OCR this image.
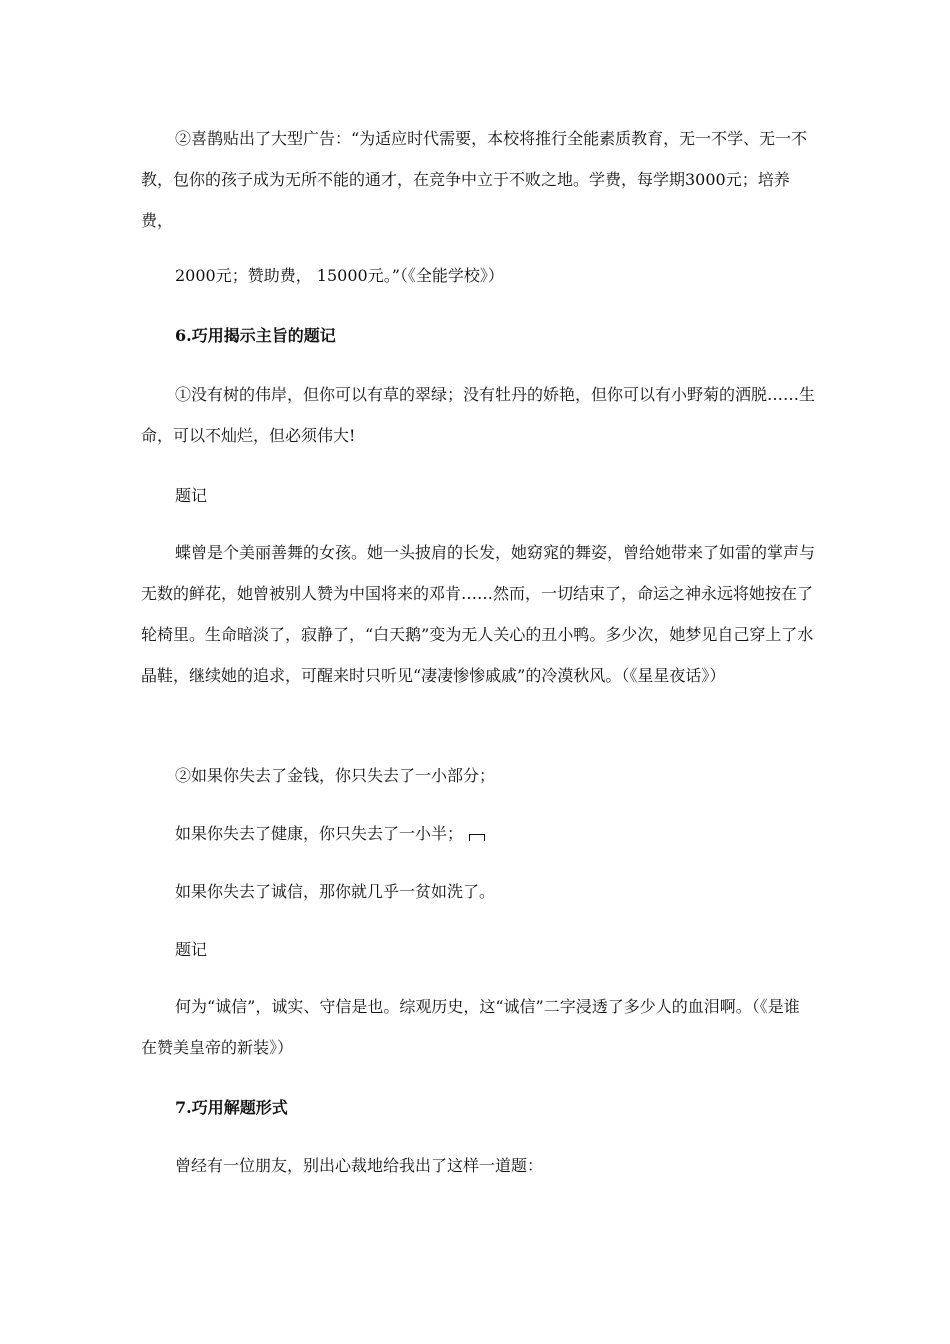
②喜鹊贴出了大型广告：“为适应时代需要，本校将推行全能素质教育，无一不学、无一不教，包你的孩子成为无所不能的通才，在竞争中立于不败之地。学费，每学期3000元；培养费，

2000元；赞助费， 15000元。”（《全能学校》）

6.巧用揭示主旨的题记

①没有树的伟岸，但你可以有草的翠绿；没有牡丹的娇艳，但你可以有小野菊的洒脱……生命，可以不灿烂，但必须伟大!

题记

蝶曾是个美丽善舞的女孩。她一头披肩的长发，她窈窕的舞姿，曾给她带来了如雷的掌声与无数的鲜花，她曾被别人赞为中国将来的邓肯……然而，一切结束了，命运之神永远将她按在了轮椅里。生命暗淡了，寂静了，“白天鹅”变为无人关心的丑小鸭。多少次，她梦见自己穿上了水晶鞋，继续她的追求，可醒来时只听见“凄凄惨惨戚戚”的冷漠秋风。（《星星夜话》）

②如果你失去了金钱，你只失去了一小部分；

如果你失去了健康，你只失去了一小半；

如果你失去了诚信，那你就几乎一贫如洗了。

题记

何为“诚信”，诚实、守信是也。综观历史，这“诚信”二字浸透了多少人的血泪啊。（《是谁在赞美皇帝的新装》）

7.巧用解题形式

曾经有一位朋友，别出心裁地给我出了这样一道题：
